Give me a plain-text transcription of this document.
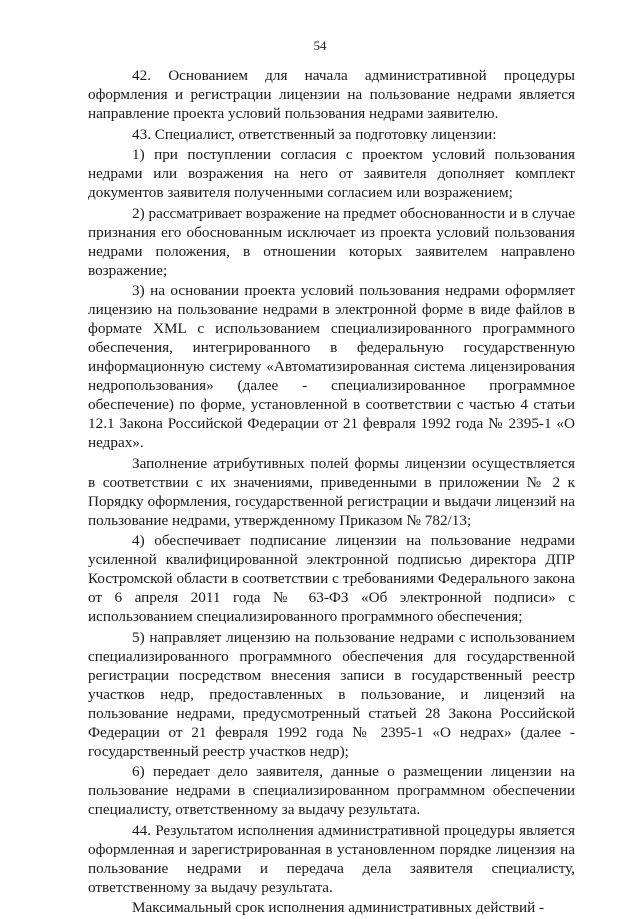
54

42. Основанием для начала административной процедуры оформления и регистрации лицензии на пользование недрами является направление проекта условий пользования недрами заявителю.

43. Специалист, ответственный за подготовку лицензии:

1) при поступлении согласия с проектом условий пользования недрами или возражения на него от заявителя дополняет комплект документов заявителя полученными согласием или возражением;

2) рассматривает возражение на предмет обоснованности и в случае признания его обоснованным исключает из проекта условий пользования недрами положения, в отношении которых заявителем направлено возражение;

3) на основании проекта условий пользования недрами оформляет лицензию на пользование недрами в электронной форме в виде файлов в формате XML с использованием специализированного программного обеспечения, интегрированного в федеральную государственную информационную систему «Автоматизированная система лицензирования недропользования» (далее - специализированное программное обеспечение) по форме, установленной в соответствии с частью 4 статьи 12.1 Закона Российской Федерации от 21 февраля 1992 года № 2395-1 «О недрах».

Заполнение атрибутивных полей формы лицензии осуществляется в соответствии с их значениями, приведенными в приложении № 2 к Порядку оформления, государственной регистрации и выдачи лицензий на пользование недрами, утвержденному Приказом № 782/13;

4) обеспечивает подписание лицензии на пользование недрами усиленной квалифицированной электронной подписью директора ДПР Костромской области в соответствии с требованиями Федерального закона от 6 апреля 2011 года № 63-ФЗ «Об электронной подписи» с использованием специализированного программного обеспечения;

5) направляет лицензию на пользование недрами с использованием специализированного программного обеспечения для государственной регистрации посредством внесения записи в государственный реестр участков недр, предоставленных в пользование, и лицензий на пользование недрами, предусмотренный статьей 28 Закона Российской Федерации от 21 февраля 1992 года № 2395-1 «О недрах» (далее - государственный реестр участков недр);

6) передает дело заявителя, данные о размещении лицензии на пользование недрами в специализированном программном обеспечении специалисту, ответственному за выдачу результата.

44. Результатом исполнения административной процедуры является оформленная и зарегистрированная в установленном порядке лицензия на пользование недрами и передача дела заявителя специалисту, ответственному за выдачу результата.

Максимальный срок исполнения административных действий -
